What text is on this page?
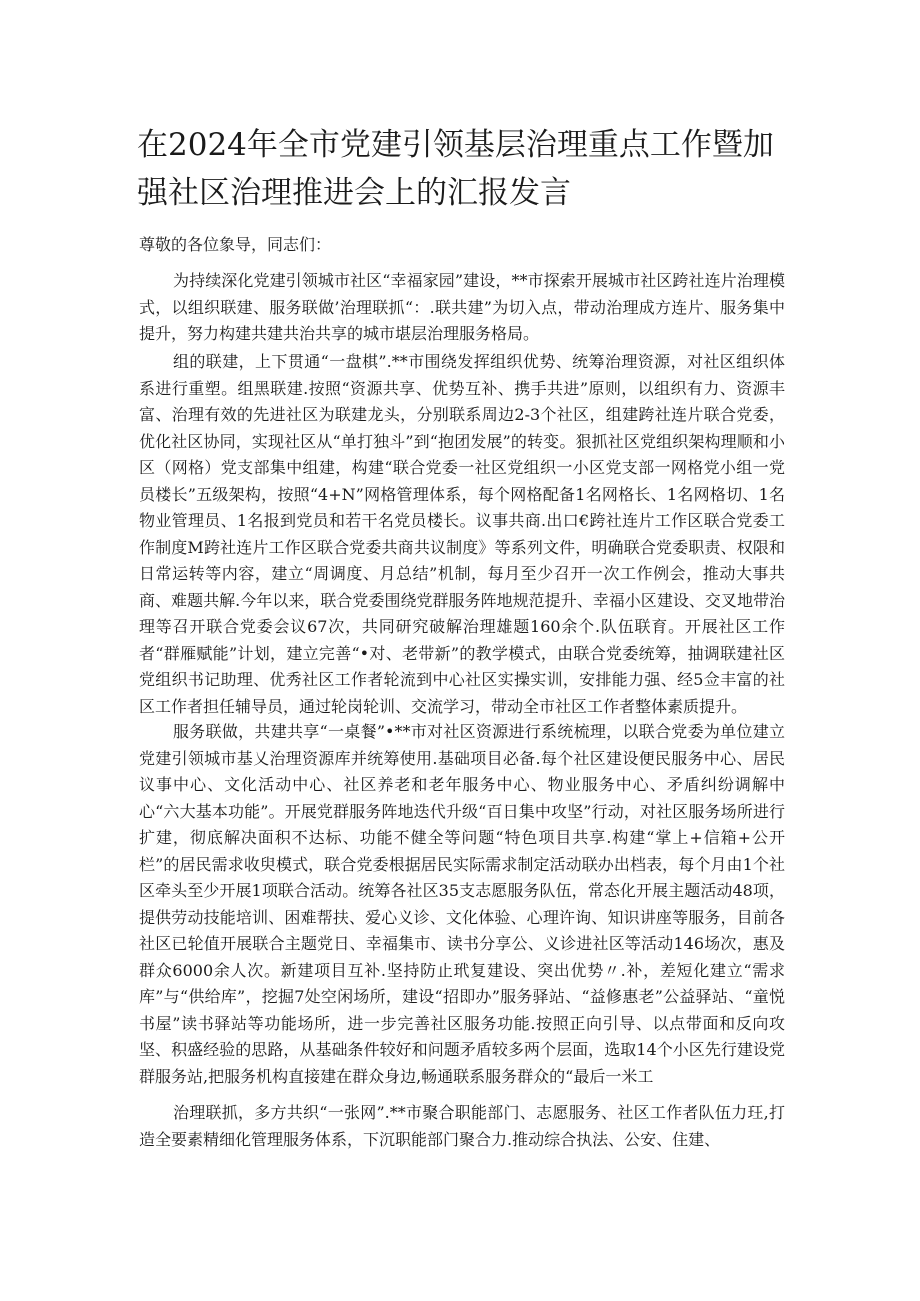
在2024年全市党建引领基层治理重点工作暨加强社区治理推进会上的汇报发言

尊敬的各位象导，同志们：

为持续深化党建引领城市社区“幸福家园”建设，**市探索开展城市社区跨社连片治理模式，以组织联建、服务联做’治理联抓“：.联共建”为切入点，带动治理成方连片、服务集中提升，努力构建共建共治共享的城市堪层治理服务格局。

组的联建，上下贯通“一盘棋”.**市围绕发挥组织优势、统筹治理资源，对社区组织体系进行重塑。组黑联建.按照“资源共享、优势互补、携手共进”原则，以组织有力、资源丰富、治理有效的先进社区为联建龙头，分别联系周边2-3个社区，组建跨社连片联合党委，优化社区协同，实现社区从“单打独斗”到“抱团发展”的转变。狠抓社区党组织架构理顺和小区（网格）党支部集中组建，构建“联合党委一社区党组织一小区党支部一网格党小组一党员楼长”五级架构，按照“4+N”网格管理体系，每个网格配备1名网格长、1名网格切、1名物业管理员、1名报到党员和若干名党员楼长。议事共商.出口€跨社连片工作区联合党委工作制度M跨社连片工作区联合党委共商共议制度》等系列文件，明确联合党委职责、权限和日常运转等内容，建立“周调度、月总结”机制，每月至少召开一次工作例会，推动大事共商、难题共解.今年以来，联合党委围绕党群服务阵地规范提升、幸福小区建设、交叉地带治理等召开联合党委会议67次，共同研究破解治理雄题160余个.队伍联育。开展社区工作者“群雁赋能”计划，建立完善“•对、老带新”的教学模式，由联合党委统筹，抽调联建社区党组织书记助理、优秀社区工作者轮流到中心社区实操实训，安排能力强、经5佥丰富的社区工作者担任辅导员，通过轮岗轮训、交流学习，带动全市社区工作者整体素质提升。

服务联做，共建共享“一桌餐”•**市对社区资源进行系统梳理，以联合党委为单位建立党建引领城市基乂治理资源库并统筹使用.基础项目必备.每个社区建设便民服务中心、居民议事中心、文化活动中心、社区养老和老年服务中心、物业服务中心、矛盾纠纷调解中心“六大基本功能”。开展党群服务阵地迭代升级“百日集中攻坚”行动，对社区服务场所进行扩建，彻底解决面积不达标、功能不健全等问题“特色项目共享.构建“掌上+信箱+公开栏”的居民需求收臾模式，联合党委根据居民实际需求制定活动联办出档表，每个月由1个社区牵头至少开展1项联合活动。统筹各社区35支志愿服务队伍，常态化开展主题活动48项，提供劳动技能培训、困难帮扶、爱心义诊、文化体验、心理许询、知识讲座等服务，目前各社区已轮值开展联合主题党日、幸福集市、读书分享公、义诊进社区等活动146场次，惠及群众6000余人次。新建项目互补.坚持防止玳复建设、突出优势〃.补，差短化建立“需求库”与“供给库”，挖掘7处空闲场所，建设“招即办”服务驿站、“益修惠老”公益驿站、“童悦书屋”读书驿站等功能场所，进一步完善社区服务功能.按照正向引导、以点带面和反向攻坚、积盛经验的思路，从基础条件较好和问题矛盾较多两个层面，选取14个小区先行建设党群服务站,把服务机构直接建在群众身边,畅通联系服务群众的“最后一米工

治理联抓，多方共织“一张网”.**市聚合职能部门、志愿服务、社区工作者队伍力玨,打造全要素精细化管理服务体系，下沉职能部门聚合力.推动综合执法、公安、住建、
